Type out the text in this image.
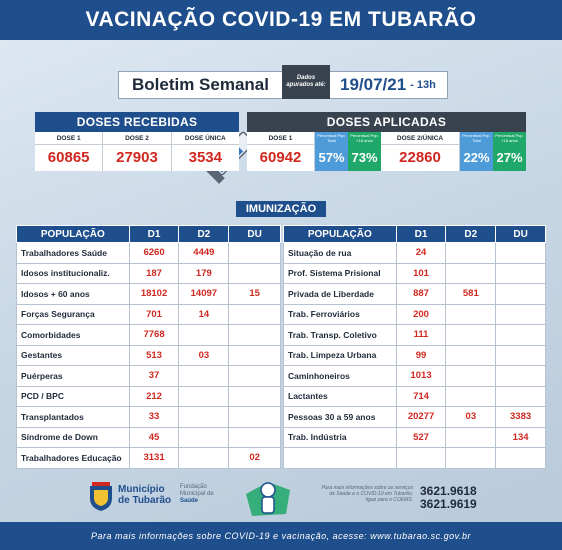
VACINAÇÃO COVID-19 EM TUBARÃO
Boletim Semanal	Dados apurados até: 19/07/21 - 13h
DOSES RECEBIDAS
DOSE 1
60865
DOSE 2
27903
DOSE ÚNICA
3534
DOSES APLICADAS
DOSE 1
60942
Percentual Pop. Total
57%
Percentual Pop. +18 anos
73%
DOSE 2/ÚNICA
22860
Percentual Pop. Total
22%
Percentual Pop. +18 anos
27%
IMUNIZAÇÃO
POPULAÇÃO	D1	D2	DU
Trabalhadores Saúde	6260	4449	
Idosos institucionaliz.	187	179	
Idosos + 60 anos	18102	14097	15
Forças Segurança	701	14	
Comorbidades	7768		
Gestantes	513	03	
Puérperas	37		
PCD / BPC	212		
Transplantados	33		
Síndrome de Down	45		
Trabalhadores Educação	3131		02
POPULAÇÃO	D1	D2	DU
Situação de rua	24		
Prof. Sistema Prisional	101		
Privada de Liberdade	887	581	
Trab. Ferroviários	200		
Trab. Transp. Coletivo	111		
Trab. Limpeza Urbana	99		
Caminhoneiros	1013		
Lactantes	714		
Pessoas 30 a 59 anos	20277	03	3383
Trab. Indústria	527		134

Município
de Tubarão
Fundação
Municipal de
Saúde
Para mais informações sobre os serviços de Saúde e o COVID-19 em Tubarão, ligue para o COEMS:
3621.9618
3621.9619
Para mais informações sobre COVID-19 e vacinação, acesse: www.tubarao.sc.gov.br
